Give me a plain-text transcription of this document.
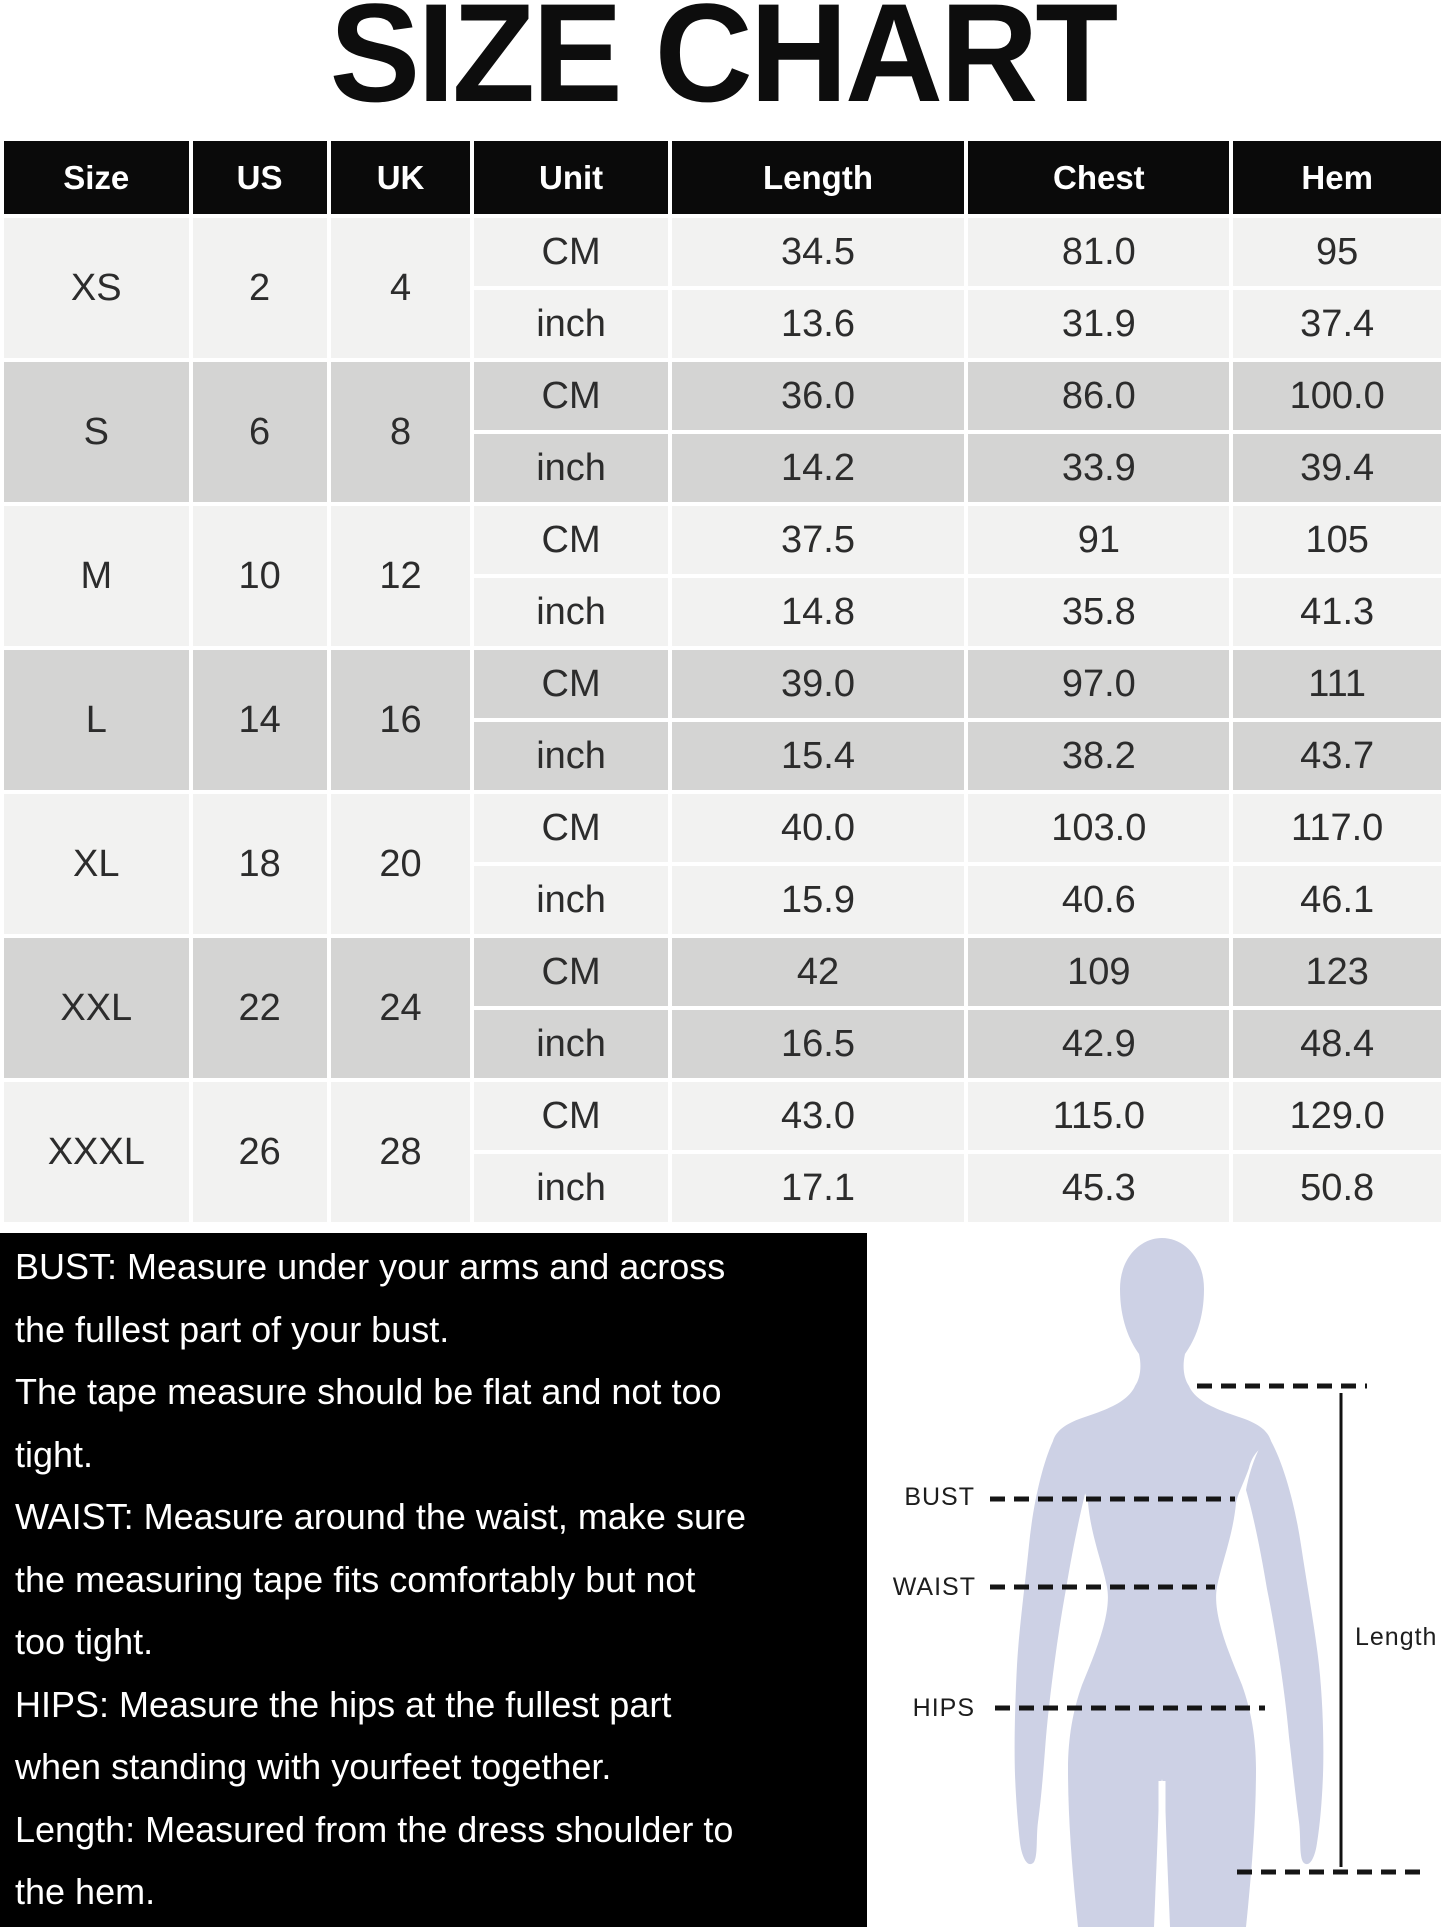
SIZE CHART
Size	US	UK	Unit	Length	Chest	Hem
XS	2	4	CM	34.5	81.0	95
			inch	13.6	31.9	37.4
S	6	8	CM	36.0	86.0	100.0
			inch	14.2	33.9	39.4
M	10	12	CM	37.5	91	105
			inch	14.8	35.8	41.3
L	14	16	CM	39.0	97.0	111
			inch	15.4	38.2	43.7
XL	18	20	CM	40.0	103.0	117.0
			inch	15.9	40.6	46.1
XXL	22	24	CM	42	109	123
			inch	16.5	42.9	48.4
XXXL	26	28	CM	43.0	115.0	129.0
			inch	17.1	45.3	50.8
BUST: Measure under your arms and across
the fullest part of your bust.
The tape measure should be flat and not too
tight.
WAIST: Measure around the waist, make sure
the measuring tape fits comfortably but not
too tight.
HIPS: Measure the hips at the fullest part
when standing with yourfeet together.
Length: Measured from the dress shoulder to
the hem.
BUST
WAIST
HIPS
Length
